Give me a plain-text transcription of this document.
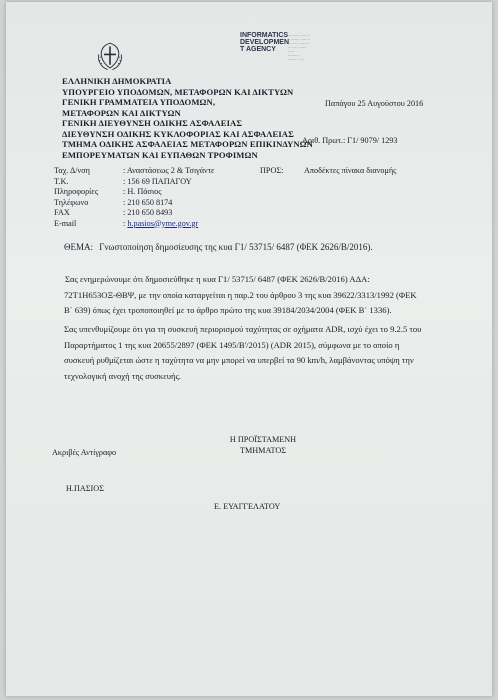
INFORMATICS
DEVELOPMEN
T AGENCY
·········· ········
·········· ········
········ ·········
········ ·······
·····
··········
········ ·····
ΕΛΛΗΝΙΚΗ ΔΗΜΟΚΡΑΤΙΑ
ΥΠΟΥΡΓΕΙΟ ΥΠΟΔΟΜΩΝ, ΜΕΤΑΦΟΡΩΝ ΚΑΙ ΔΙΚΤΥΩΝ
ΓΕΝΙΚΗ ΓΡΑΜΜΑΤΕΙΑ ΥΠΟΔΟΜΩΝ,
ΜΕΤΑΦΟΡΩΝ ΚΑΙ ΔΙΚΤΥΩΝ
ΓΕΝΙΚΗ ΔΙΕΥΘΥΝΣΗ ΟΔΙΚΗΣ ΑΣΦΑΛΕΙΑΣ
ΔΙΕΥΘΥΝΣΗ ΟΔΙΚΗΣ ΚΥΚΛΟΦΟΡΙΑΣ ΚΑΙ ΑΣΦΑΛΕΙΑΣ
ΤΜΗΜΑ ΟΔΙΚΗΣ ΑΣΦΑΛΕΙΑΣ ΜΕΤΑΦΟΡΩΝ ΕΠΙΚΙΝΔΥΝΩΝ
ΕΜΠΟΡΕΥΜΑΤΩΝ ΚΑΙ ΕΥΠΑΘΩΝ ΤΡΟΦΙΜΩΝ
Παπάγου 25 Αυγούστου 2016
Αριθ. Πρωτ.: Γ1/ 9079/ 1293
Ταχ. Δ/νση
Τ.Κ.
Πληροφορίες
Τηλέφωνο
FAX
E-mail
: Αναστάσεως 2 & Τσιγάντε
: 156 69 ΠΑΠΑΓΟΥ
: Η. Πάσιος
: 210 650 8174
: 210 650 8493
: h.pasios@yme.gov.gr
ΠΡΟΣ:	Αποδέκτες πίνακα διανομής
ΘΕΜΑ: Γνωστοποίηση δημοσίευσης της κυα Γ1/ 53715/ 6487 (ΦΕΚ 2626/Β/2016).
Σας ενημερώνουμε ότι δημοσιεύθηκε η κυα Γ1/ 53715/ 6487 (ΦΕΚ 2626/Β/2016) ΑΔΑ:
72Τ1Η653ΟΞ-ΘΒΨ, με την οποία καταργείται η παρ.2 του άρθρου 3 της κυα 39622/3313/1992 (ΦΕΚ
Β΄ 639) όπως έχει τροποποιηθεί με το άρθρο πρώτο της κυα 39184/2034/2004 (ΦΕΚ Β΄ 1336).
Σας υπενθυμίζουμε ότι για τη συσκευή περιορισμού ταχύτητας σε οχήματα ADR, ισχύ έχει το 9.2.5 του
Παραρτήματος 1 της κυα 20655/2897 (ΦΕΚ 1495/Β'/2015) (ADR 2015), σύμφωνα με το οποίο η
συσκευή ρυθμίζεται ώστε η ταχύτητα να μην μπορεί να υπερβεί τα 90 km/h, λαμβάνοντας υπόψη την
τεχνολογική ανοχή της συσκευής.
Η ΠΡΟΪΣΤΑΜΕΝΗ
ΤΜΗΜΑΤΟΣ
Ακριβές Αντίγραφο
Η.ΠΑΣΙΟΣ
Ε. ΕΥΑΓΓΕΛΑΤΟΥ
